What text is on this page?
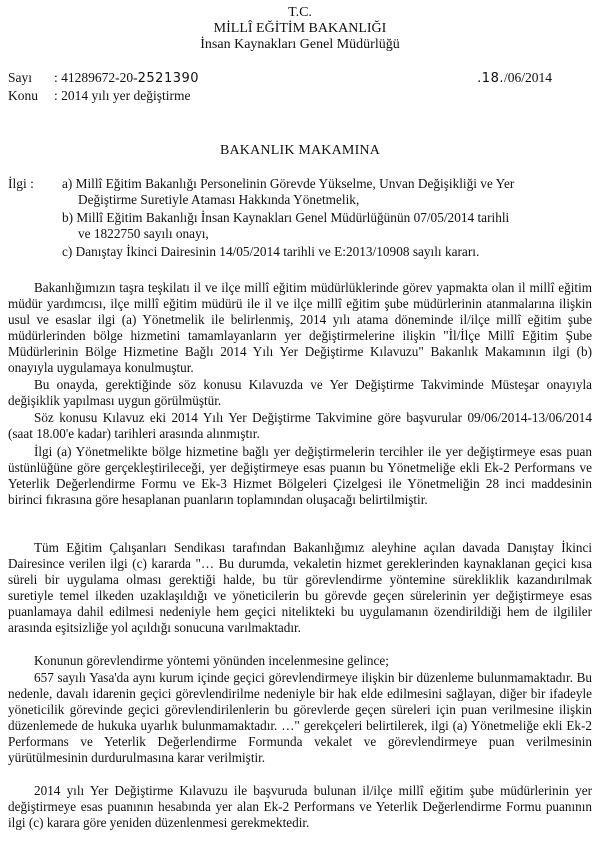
T.C.
MİLLÎ EĞİTİM BAKANLIĞI
İnsan Kaynakları Genel Müdürlüğü
Sayı : 41289672-20-2521390	.18./06/2014
Konu : 2014 yılı yer değiştirme
BAKANLIK MAKAMINA
İlgi : a) Millî Eğitim Bakanlığı Personelinin Görevde Yükselme, Unvan Değişikliği ve Yer
Değiştirme Suretiyle Ataması Hakkında Yönetmelik,
b) Millî Eğitim Bakanlığı İnsan Kaynakları Genel Müdürlüğünün 07/05/2014 tarihli
ve 1822750 sayılı onayı,
c) Danıştay İkinci Dairesinin 14/05/2014 tarihli ve E:2013/10908 sayılı kararı.
Bakanlığımızın taşra teşkilatı il ve ilçe millî eğitim müdürlüklerinde görev yapmakta olan il millî eğitim müdür yardımcısı, ilçe millî eğitim müdürü ile il ve ilçe millî eğitim şube müdürlerinin atanmalarına ilişkin usul ve esaslar ilgi (a) Yönetmelik ile belirlenmiş, 2014 yılı atama döneminde il/ilçe millî eğitim şube müdürlerinden bölge hizmetini tamamlayanların yer değiştirmelerine ilişkin "İl/İlçe Millî Eğitim Şube Müdürlerinin Bölge Hizmetine Bağlı 2014 Yılı Yer Değiştirme Kılavuzu" Bakanlık Makamının ilgi (b) onayıyla uygulamaya konulmuştur.
Bu onayda, gerektiğinde söz konusu Kılavuzda ve Yer Değiştirme Takviminde Müsteşar onayıyla değişiklik yapılması uygun görülmüştür.
Söz konusu Kılavuz eki 2014 Yılı Yer Değiştirme Takvimine göre başvurular 09/06/2014-13/06/2014 (saat 18.00'e kadar) tarihleri arasında alınmıştır.
İlgi (a) Yönetmelikte bölge hizmetine bağlı yer değiştirmelerin tercihler ile yer değiştirmeye esas puan üstünlüğüne göre gerçekleştirileceği, yer değiştirmeye esas puanın bu Yönetmeliğe ekli Ek-2 Performans ve Yeterlik Değerlendirme Formu ve Ek-3 Hizmet Bölgeleri Çizelgesi ile Yönetmeliğin 28 inci maddesinin birinci fıkrasına göre hesaplanan puanların toplamından oluşacağı belirtilmiştir.
Tüm Eğitim Çalışanları Sendikası tarafından Bakanlığımız aleyhine açılan davada Danıştay İkinci Dairesince verilen ilgi (c) kararda "… Bu durumda, vekaletin hizmet gereklerinden kaynaklanan geçici kısa süreli bir uygulama olması gerektiği halde, bu tür görevlendirme yöntemine sürekliklik kazandırılmak suretiyle temel ilkeden uzaklaşıldığı ve yöneticilerin bu görevde geçen sürelerinin yer değiştirmeye esas puanlamaya dahil edilmesi nedeniyle hem geçici nitelikteki bu uygulamanın özendirildiği hem de ilgililer arasında eşitsizliğe yol açıldığı sonucuna varılmaktadır.
Konunun görevlendirme yöntemi yönünden incelenmesine gelince;
657 sayılı Yasa'da aynı kurum içinde geçici görevlendirmeye ilişkin bir düzenleme bulunmamaktadır. Bu nedenle, davalı idarenin geçici görevlendirilme nedeniyle bir hak elde edilmesini sağlayan, diğer bir ifadeyle yöneticilik görevinde geçici görevlendirilenlerin bu görevlerde geçen süreleri için puan verilmesine ilişkin düzenlemede de hukuka uyarlık bulunmamaktadır. …" gerekçeleri belirtilerek, ilgi (a) Yönetmeliğe ekli Ek-2 Performans ve Yeterlik Değerlendirme Formunda vekalet ve görevlendirmeye puan verilmesinin yürütülmesinin durdurulmasına karar verilmiştir.
2014 yılı Yer Değiştirme Kılavuzu ile başvuruda bulunan il/ilçe millî eğitim şube müdürlerinin yer değiştirmeye esas puanının hesabında yer alan Ek-2 Performans ve Yeterlik Değerlendirme Formu puanının ilgi (c) karara göre yeniden düzenlenmesi gerekmektedir.
